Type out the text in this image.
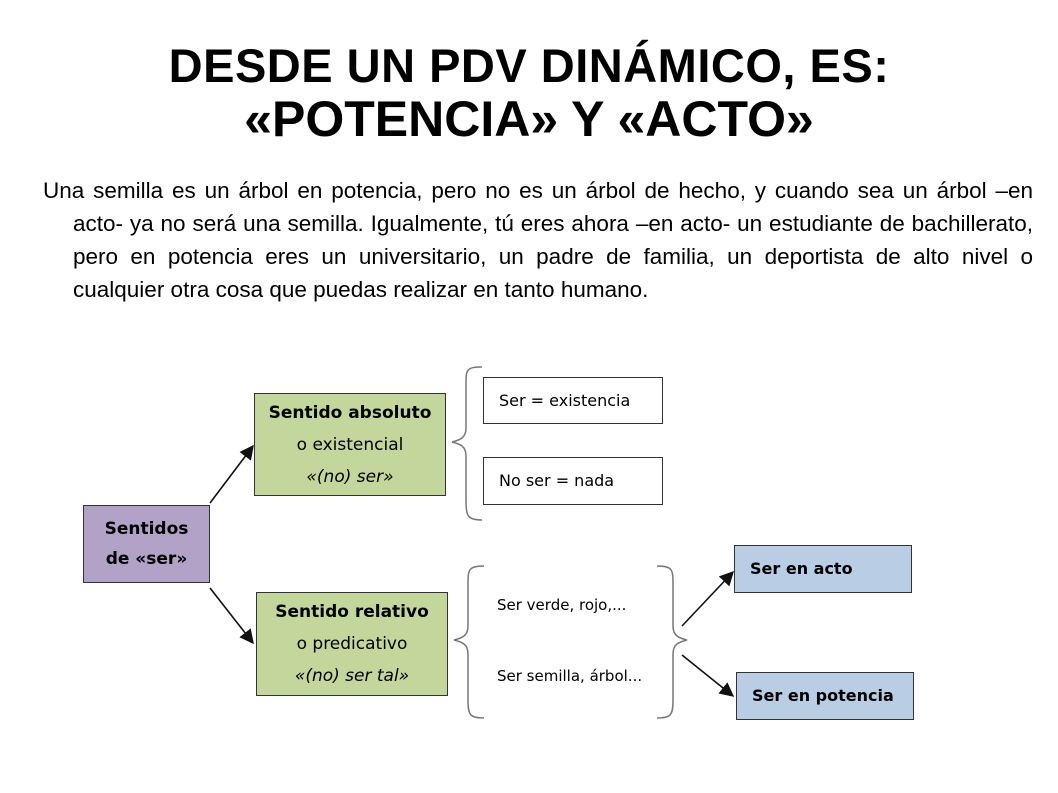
DESDE UN PDV DINÁMICO, ES:
«POTENCIA» Y «ACTO»
Una semilla es un árbol en potencia, pero no es un árbol de hecho, y cuando sea un árbol –en acto- ya no será una semilla. Igualmente, tú eres ahora –en acto- un estudiante de bachillerato, pero en potencia eres un universitario, un padre de familia, un deportista de alto nivel o cualquier otra cosa que puedas realizar en tanto humano.
Sentidos
de «ser»
Sentido absoluto
o existencial
«(no) ser»
Sentido relativo
o predicativo
«(no) ser tal»
Ser = existencia
No ser = nada
Ser verde, rojo,...
Ser semilla, árbol...
Ser en acto
Ser en potencia
